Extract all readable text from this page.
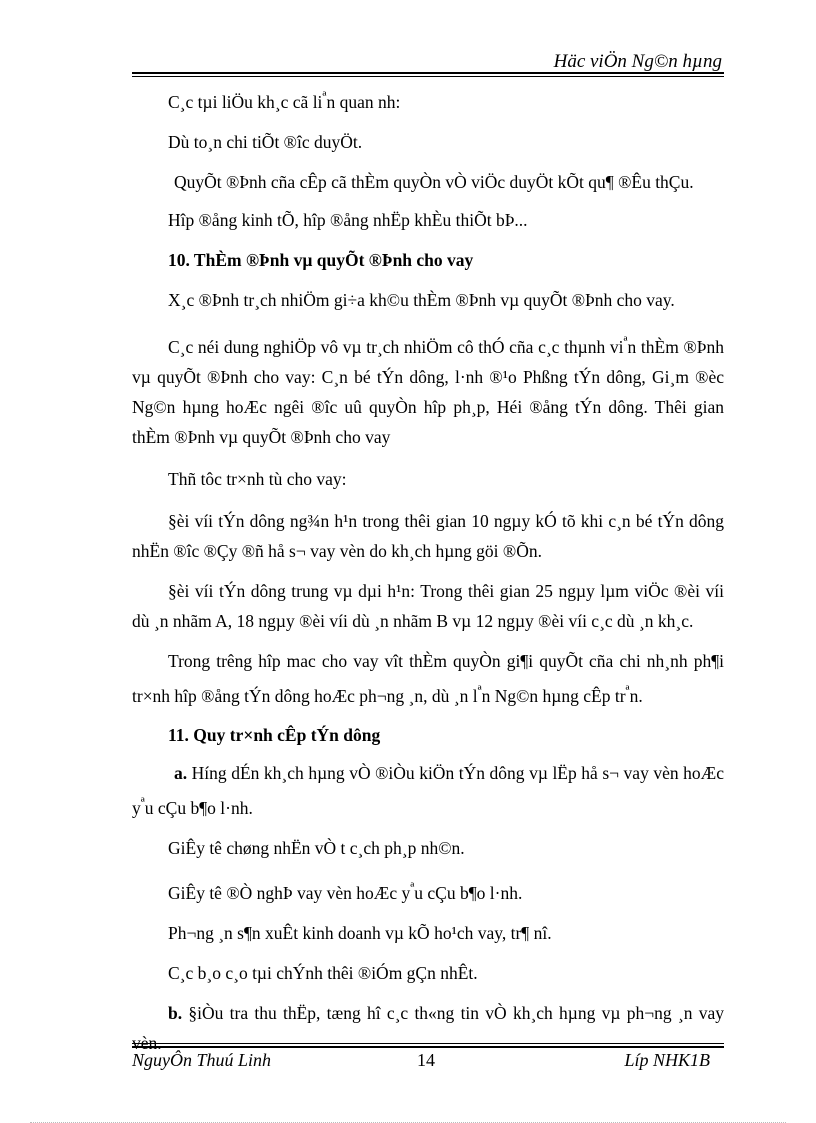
Häc viÖn Ng©n hµng

C¸c tµi liÖu kh¸c cã $li^ªn$ quan nh:

Dù to¸n chi tiÕt ®îc duyÖt.

QuyÕt ®Þnh cña cÊp cã thÈm quyÒn vÒ viÖc duyÖt kÕt qu¶ ®Êu thÇu.

Hîp ®ång kinh tÕ, hîp ®ång nhËp khÈu thiÕt bÞ...

10. ThÈm ®Þnh vµ quyÕt ®Þnh cho vay

X¸c ®Þnh tr¸ch nhiÖm gi÷a kh©u thÈm ®Þnh vµ quyÕt ®Þnh cho vay.

C¸c néi dung nghiÖp vô vµ tr¸ch nhiÖm cô thÓ cña c¸c thµnh $vi^ªn$ thÈm ®Þnh vµ quyÕt ®Þnh cho vay: C¸n bé tÝn dông, l·nh ®¹o Phßng tÝn dông, Gi¸m ®èc Ng©n hµng hoÆc ngêi ®îc uû quyÒn hîp ph¸p, Héi ®ång tÝn dông. Thêi gian thÈm ®Þnh vµ quyÕt ®Þnh cho vay

Thñ tôc tr×nh tù cho vay:

§èi víi tÝn dông ng¾n h¹n trong thêi gian 10 ngµy kÓ tõ khi c¸n bé tÝn dông nhËn ®îc ®Çy ®ñ hå s¬ vay vèn do kh¸ch hµng göi ®Õn.

§èi víi tÝn dông trung vµ dµi h¹n: Trong thêi gian 25 ngµy lµm viÖc ®èi víi dù ¸n nhãm A, 18 ngµy ®èi víi dù ¸n nhãm B vµ 12 ngµy ®èi víi c¸c dù ¸n kh¸c.

Trong trêng hîp mac cho vay vît thÈm quyÒn gi¶i quyÕt cña chi nh¸nh ph¶i tr×nh hîp ®ång tÝn dông hoÆc ph¬ng ¸n, dù ¸n $l^ªn$ Ng©n hµng cÊp $tr^ªn$.

11. Quy tr×nh cÊp tÝn dông

a. Híng dÉn kh¸ch hµng vÒ ®iÒu kiÖn tÝn dông vµ lËp hå s¬ vay vèn hoÆc $y^ªu$ cÇu b¶o l·nh.

GiÊy tê chøng nhËn vÒ t c¸ch ph¸p nh©n.

GiÊy tê ®Ò nghÞ vay vèn hoÆc $y^ªu$ cÇu b¶o l·nh.

Ph¬ng ¸n s¶n xuÊt kinh doanh vµ kÕ ho¹ch vay, tr¶ nî.

C¸c b¸o c¸o tµi chÝnh thêi ®iÓm gÇn nhÊt.

b. §iÒu tra thu thËp, tæng hî c¸c th«ng tin vÒ kh¸ch hµng vµ ph¬ng ¸n vay

NguyÔn Thuú Linh	14	Líp NHK1B
